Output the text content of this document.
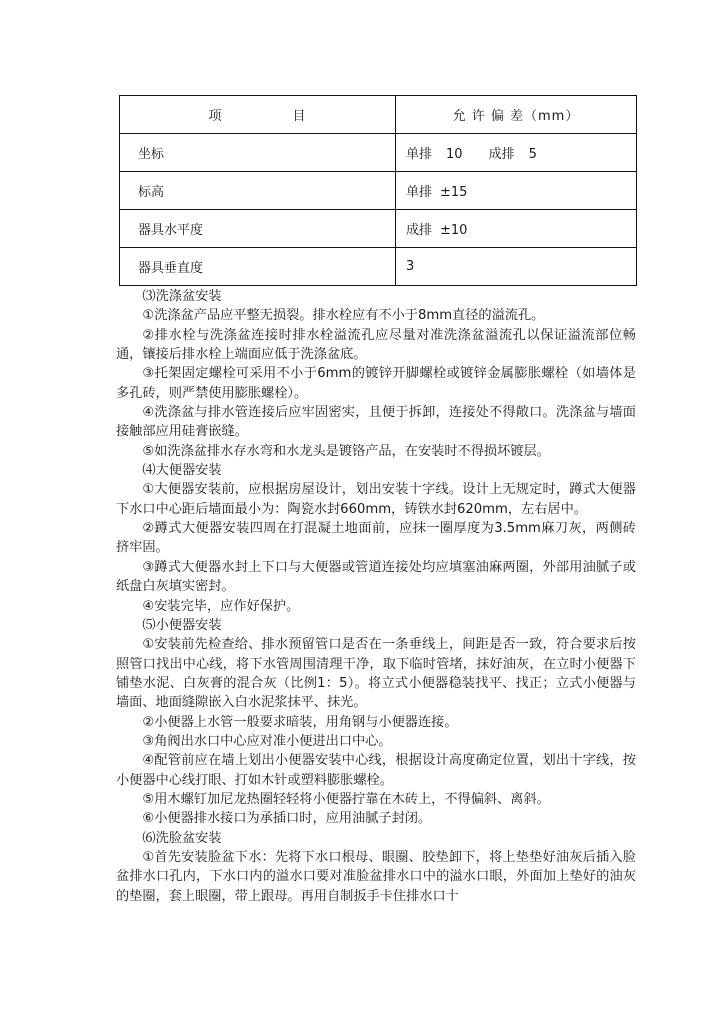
项 目	允 许 偏 差（mm）
坐标	单排 10 成排 5
标高	单排 ±15
器具水平度	成排 ±10
器具垂直度	3

⑶洗涤盆安装

①洗涤盆产品应平整无损裂。排水栓应有不小于8mm直径的溢流孔。

②排水栓与洗涤盆连接时排水栓溢流孔应尽量对准洗涤盆溢流孔以保证溢流部位畅通，镶接后排水栓上端面应低于洗涤盆底。

③托架固定螺栓可采用不小于6mm的镀锌开脚螺栓或镀锌金属膨胀螺栓（如墙体是多孔砖，则严禁使用膨胀螺栓）。

④洗涤盆与排水管连接后应牢固密实，且便于拆卸，连接处不得敞口。洗涤盆与墙面接触部应用硅膏嵌缝。

⑤如洗涤盆排水存水弯和水龙头是镀铬产品，在安装时不得损坏镀层。

⑷大便器安装

①大便器安装前，应根据房屋设计，划出安装十字线。设计上无规定时，蹲式大便器下水口中心距后墙面最小为：陶瓷水封660mm，铸铁水封620mm，左右居中。

②蹲式大便器安装四周在打混凝土地面前，应抹一圈厚度为3.5mm麻刀灰，两侧砖挤牢固。

③蹲式大便器水封上下口与大便器或管道连接处均应填塞油麻两圈，外部用油腻子或纸盘白灰填实密封。

④安装完毕，应作好保护。

⑸小便器安装

①安装前先检查给、排水预留管口是否在一条垂线上，间距是否一致，符合要求后按照管口找出中心线，将下水管周围清理干净，取下临时管堵，抹好油灰，在立时小便器下铺垫水泥、白灰膏的混合灰（比例1：5）。将立式小便器稳装找平、找正；立式小便器与墙面、地面缝隙嵌入白水泥浆抹平、抹光。

②小便器上水管一般要求暗装，用角钢与小便器连接。

③角阀出水口中心应对准小便进出口中心。

④配管前应在墙上划出小便器安装中心线，根据设计高度确定位置，划出十字线，按小便器中心线打眼、打如木针或塑料膨胀螺栓。

⑤用木螺钉加尼龙热圈轻轻将小便器拧靠在木砖上，不得偏斜、离斜。

⑥小便器排水接口为承插口时，应用油腻子封闭。

⑹洗脸盆安装

①首先安装脸盆下水：先将下水口根母、眼圈、胶垫卸下，将上垫垫好油灰后插入脸盆排水口孔内，下水口内的溢水口要对准脸盆排水口中的溢水口眼，外面加上垫好的油灰的垫圈，套上眼圈，带上跟母。再用自制扳手卡住排水口十
